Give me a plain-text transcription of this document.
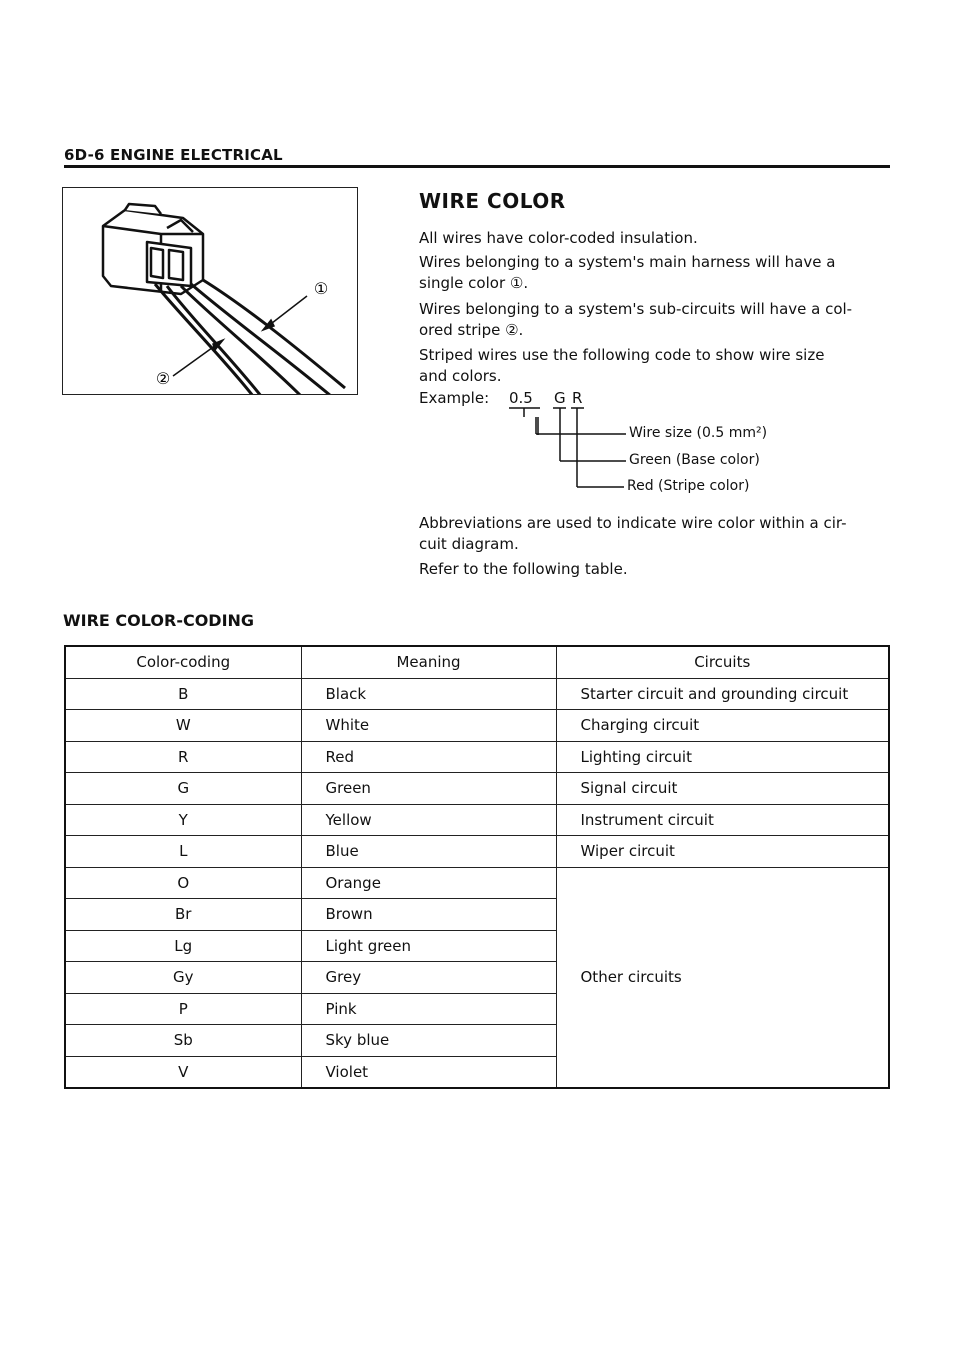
6D-6 ENGINE ELECTRICAL
①
②
WIRE COLOR
All wires have color-coded insulation.
Wires belonging to a system's main harness will have a
single color ①.
Wires belonging to a system's sub-circuits will have a col-
ored stripe ②.
Striped wires use the following code to show wire size
and colors.
Example: 0.5 G R
Wire size (0.5 mm²)
Green (Base color)
Red (Stripe color)
Abbreviations are used to indicate wire color within a cir-
cuit diagram.
Refer to the following table.
WIRE COLOR-CODING
Color-coding	Meaning	Circuits
B	Black	Starter circuit and grounding circuit
W	White	Charging circuit
R	Red	Lighting circuit
G	Green	Signal circuit
Y	Yellow	Instrument circuit
L	Blue	Wiper circuit
O	Orange	Other circuits
Br	Brown	
Lg	Light green	
Gy	Grey	
P	Pink	
Sb	Sky blue	
V	Violet	
